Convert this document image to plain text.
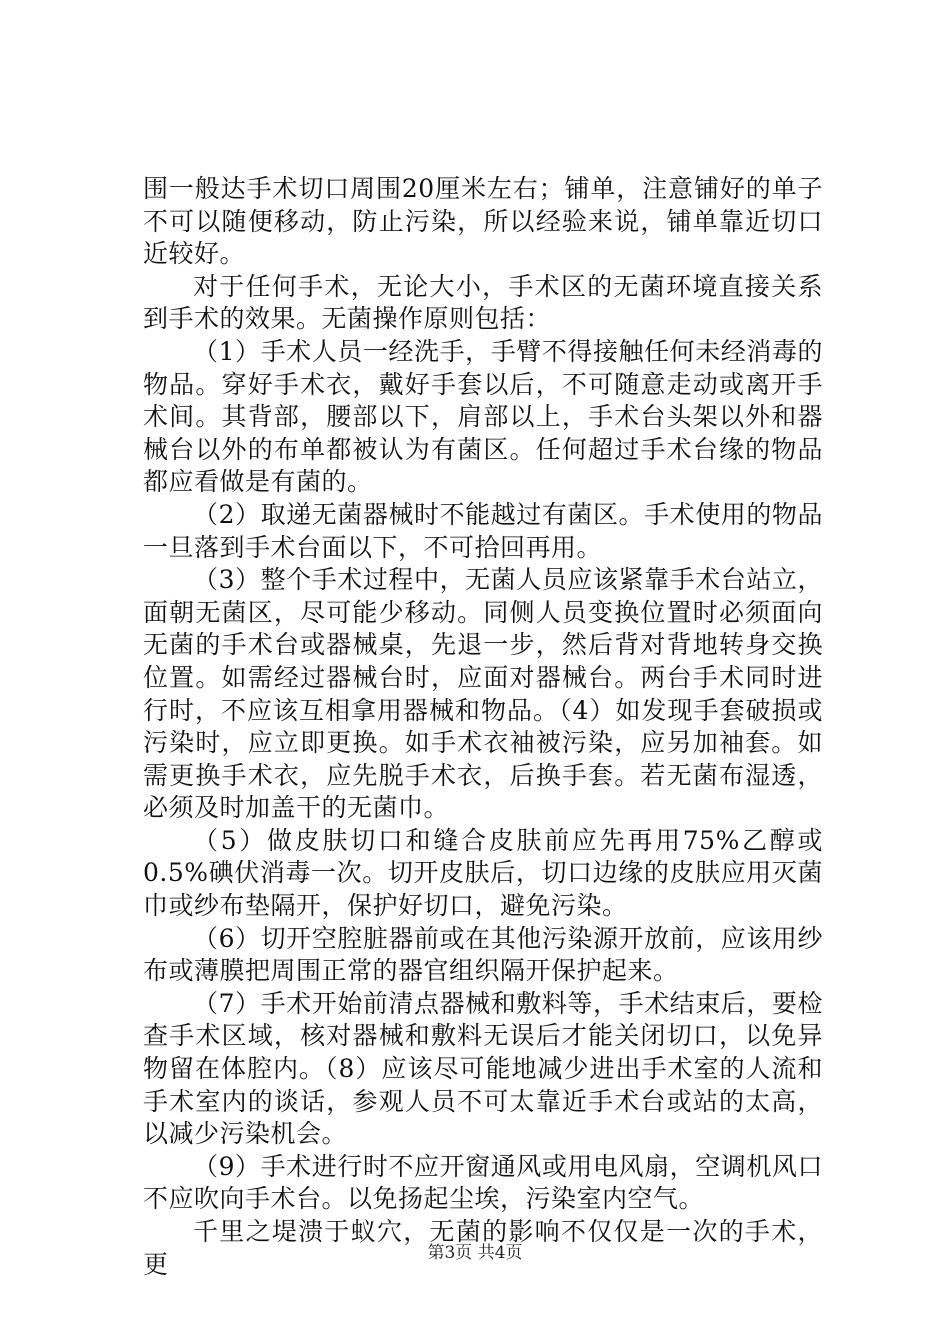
围一般达手术切口周围20厘米左右；铺单，注意铺好的单子不可以随便移动，防止污染，所以经验来说，铺单靠近切口近较好。

对于任何手术，无论大小，手术区的无菌环境直接关系到手术的效果。无菌操作原则包括：

（1）手术人员一经洗手，手臂不得接触任何未经消毒的物品。穿好手术衣，戴好手套以后，不可随意走动或离开手术间。其背部，腰部以下，肩部以上，手术台头架以外和器械台以外的布单都被认为有菌区。任何超过手术台缘的物品都应看做是有菌的。

（2）取递无菌器械时不能越过有菌区。手术使用的物品一旦落到手术台面以下，不可拾回再用。

（3）整个手术过程中，无菌人员应该紧靠手术台站立，面朝无菌区，尽可能少移动。同侧人员变换位置时必须面向无菌的手术台或器械桌，先退一步，然后背对背地转身交换位置。如需经过器械台时，应面对器械台。两台手术同时进行时，不应该互相拿用器械和物品。（4）如发现手套破损或污染时，应立即更换。如手术衣袖被污染，应另加袖套。如需更换手术衣，应先脱手术衣，后换手套。若无菌布湿透，必须及时加盖干的无菌巾。

（5）做皮肤切口和缝合皮肤前应先再用75%乙醇或0.5%碘伏消毒一次。切开皮肤后，切口边缘的皮肤应用灭菌巾或纱布垫隔开，保护好切口，避免污染。

（6）切开空腔脏器前或在其他污染源开放前，应该用纱布或薄膜把周围正常的器官组织隔开保护起来。

（7）手术开始前清点器械和敷料等，手术结束后，要检查手术区域，核对器械和敷料无误后才能关闭切口，以免异物留在体腔内。（8）应该尽可能地减少进出手术室的人流和手术室内的谈话，参观人员不可太靠近手术台或站的太高，以减少污染机会。

（9）手术进行时不应开窗通风或用电风扇，空调机风口不应吹向手术台。以免扬起尘埃，污染室内空气。

千里之堤溃于蚁穴，无菌的影响不仅仅是一次的手术，更	第3页 共4页
